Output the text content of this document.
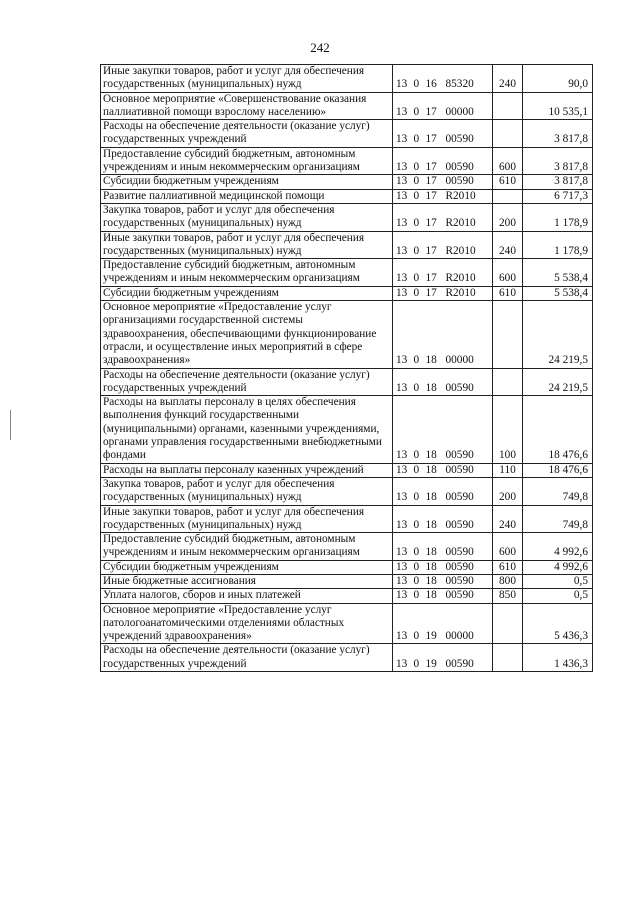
242
Иные закупки товаров, работ и услуг для обеспечения государственных (муниципальных) нужд	13	0	16	85320	240	90,0
Основное мероприятие «Совершенствование оказания паллиативной помощи взрослому населению»	13	0	17	00000		10 535,1
Расходы на обеспечение деятельности (оказание услуг) государственных учреждений	13	0	17	00590		3 817,8
Предоставление субсидий бюджетным, автономным учреждениям и иным некоммерческим организациям	13	0	17	00590	600	3 817,8
Субсидии бюджетным учреждениям	13	0	17	00590	610	3 817,8
Развитие паллиативной медицинской помощи	13	0	17	R2010		6 717,3
Закупка товаров, работ и услуг для обеспечения государственных (муниципальных) нужд	13	0	17	R2010	200	1 178,9
Иные закупки товаров, работ и услуг для обеспечения государственных (муниципальных) нужд	13	0	17	R2010	240	1 178,9
Предоставление субсидий бюджетным, автономным учреждениям и иным некоммерческим организациям	13	0	17	R2010	600	5 538,4
Субсидии бюджетным учреждениям	13	0	17	R2010	610	5 538,4
Основное мероприятие «Предоставление услуг организациями государственной системы здравоохранения, обеспечивающими функционирование отрасли, и осуществление иных мероприятий в сфере здравоохранения»	13	0	18	00000		24 219,5
Расходы на обеспечение деятельности (оказание услуг) государственных учреждений	13	0	18	00590		24 219,5
Расходы на выплаты персоналу в целях обеспечения выполнения функций государственными (муниципальными) органами, казенными учреждениями, органами управления государственными внебюджетными фондами	13	0	18	00590	100	18 476,6
Расходы на выплаты персоналу казенных учреждений	13	0	18	00590	110	18 476,6
Закупка товаров, работ и услуг для обеспечения государственных (муниципальных) нужд	13	0	18	00590	200	749,8
Иные закупки товаров, работ и услуг для обеспечения государственных (муниципальных) нужд	13	0	18	00590	240	749,8
Предоставление субсидий бюджетным, автономным учреждениям и иным некоммерческим организациям	13	0	18	00590	600	4 992,6
Субсидии бюджетным учреждениям	13	0	18	00590	610	4 992,6
Иные бюджетные ассигнования	13	0	18	00590	800	0,5
Уплата налогов, сборов и иных платежей	13	0	18	00590	850	0,5
Основное мероприятие «Предоставление услуг патологоанатомическими отделениями областных учреждений здравоохранения»	13	0	19	00000		5 436,3
Расходы на обеспечение деятельности (оказание услуг) государственных учреждений	13	0	19	00590		1 436,3
